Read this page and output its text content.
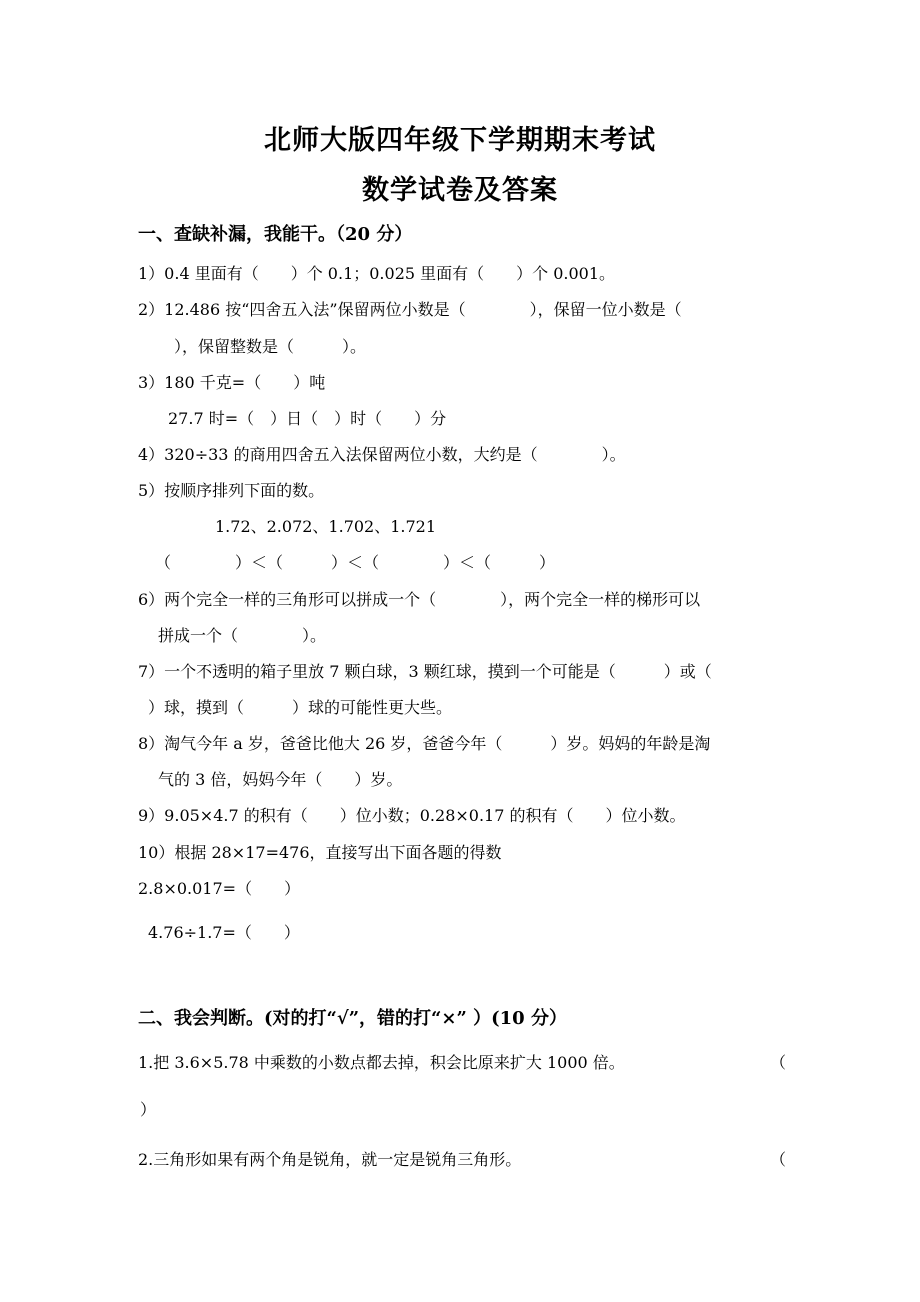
北师大版四年级下学期期末考试
数学试卷及答案
一、查缺补漏，我能干。（20 分）
1）0.4 里面有（　　）个 0.1；0.025 里面有（　　）个 0.001。
2）12.486 按“四舍五入法”保留两位小数是（　　　　），保留一位小数是（
　），保留整数是（　　　）。
3）180 千克=（　　）吨
27.7 时=（　）日（　）时（　　）分
4）320÷33 的商用四舍五入法保留两位小数，大约是（　　　　）。
5）按顺序排列下面的数。
1.72、2.072、1.702、1.721
（　　　　）＜（　　　）＜（　　　　）＜（　　　）
6）两个完全一样的三角形可以拼成一个（　　　　），两个完全一样的梯形可以
拼成一个（　　　　）。
7）一个不透明的箱子里放 7 颗白球，3 颗红球，摸到一个可能是（　　　）或（
）球，摸到（　　　）球的可能性更大些。
8）淘气今年 a 岁，爸爸比他大 26 岁，爸爸今年（　　　）岁。妈妈的年龄是淘
气的 3 倍，妈妈今年（　　）岁。
9）9.05×4.7 的积有（　　）位小数；0.28×0.17 的积有（　　）位小数。
10）根据 28×17=476，直接写出下面各题的得数
2.8×0.017=（　　）
4.76÷1.7=（　　）
二、我会判断。(对的打“√”，错的打“×” ）(10 分）
1.把 3.6×5.78 中乘数的小数点都去掉，积会比原来扩大 1000 倍。	（
）
2.三角形如果有两个角是锐角，就一定是锐角三角形。	（
